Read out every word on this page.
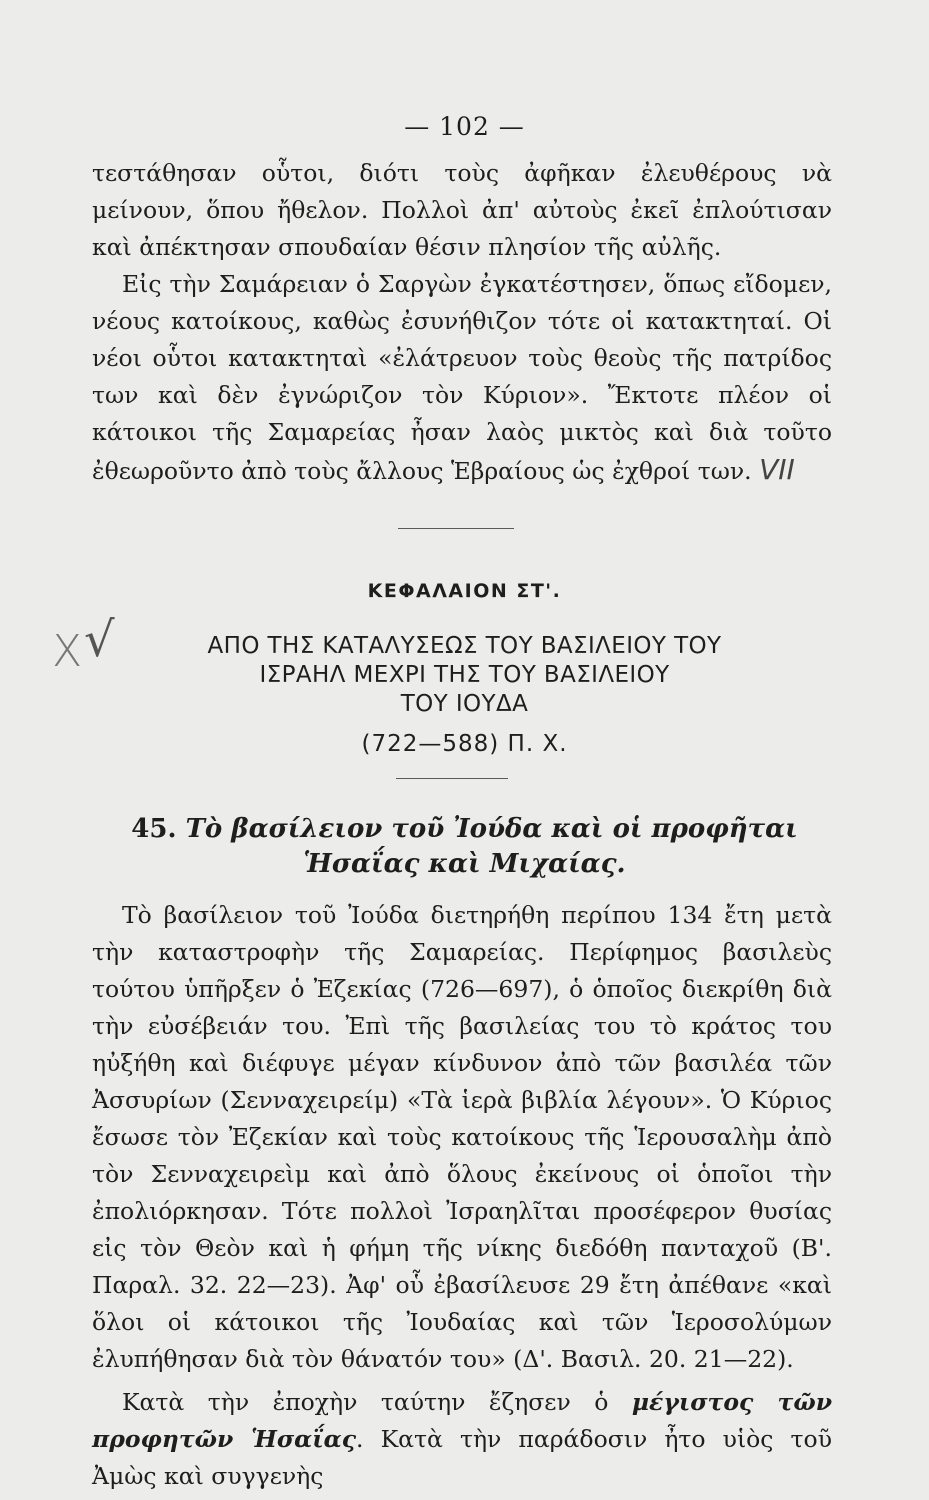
— 102 —

τεστάθησαν οὗτοι, διότι τοὺς ἀφῆκαν ἐλευθέρους νὰ μείνουν, ὅπου ἤθελον. Πολλοὶ ἀπ' αὐτοὺς ἐκεῖ ἐπλούτισαν καὶ ἀπέκτησαν σπουδαίαν θέσιν πλησίον τῆς αὐλῆς.

Εἰς τὴν Σαμάρειαν ὁ Σαργὼν ἐγκατέστησεν, ὅπως εἴδομεν, νέους κατοίκους, καθὼς ἐσυνήθιζον τότε οἱ κατακτηταί. Οἱ νέοι οὗτοι κατακτηταὶ «ἐλάτρευον τοὺς θεοὺς τῆς πατρίδος των καὶ δὲν ἐγνώριζον τὸν Κύριον». Ἔκτοτε πλέον οἱ κάτοικοι τῆς Σαμαρείας ἦσαν λαὸς μικτὸς καὶ διὰ τοῦτο ἐθεωροῦντο ἀπὸ τοὺς ἄλλους Ἑβραίους ὡς ἐχθροί των. VII

ΚΕΦΑΛΑΙΟΝ ΣΤ'.
X √	ΑΠΟ ΤΗΣ ΚΑΤΑΛΥΣΕΩΣ ΤΟΥ ΒΑΣΙΛΕΙΟΥ ΤΟΥ
ΙΣΡΑΗΛ ΜΕΧΡΙ ΤΗΣ ΤΟΥ ΒΑΣΙΛΕΙΟΥ
ΤΟΥ ΙΟΥΔΑ
(722—588) Π. Χ.
45. Τὸ βασίλειον τοῦ Ἰούδα καὶ οἱ προφῆται
Ἡσαΐας καὶ Μιχαίας.

Τὸ βασίλειον τοῦ Ἰούδα διετηρήθη περίπου 134 ἔτη μετὰ τὴν καταστροφὴν τῆς Σαμαρείας. Περίφημος βασιλεὺς τούτου ὑπῆρξεν ὁ Ἐζεκίας (726—697), ὁ ὁποῖος διεκρίθη διὰ τὴν εὐσέβειάν του. Ἐπὶ τῆς βασιλείας του τὸ κράτος του ηὐξήθη καὶ διέφυγε μέγαν κίνδυνον ἀπὸ τῶν βασιλέα τῶν Ἀσσυρίων (Σενναχειρείμ) «Τὰ ἱερὰ βιβλία λέγουν». Ὁ Κύριος ἔσωσε τὸν Ἐζεκίαν καὶ τοὺς κατοίκους τῆς Ἱερουσαλὴμ ἀπὸ τὸν Σενναχειρεὶμ καὶ ἀπὸ ὅλους ἐκείνους οἱ ὁποῖοι τὴν ἐπολιόρκησαν. Τότε πολλοὶ Ἰσραηλῖται προσέφερον θυσίας εἰς τὸν Θεὸν καὶ ἡ φήμη τῆς νίκης διεδόθη πανταχοῦ (Β'. Παραλ. 32. 22—23). Ἀφ' οὗ ἐβασίλευσε 29 ἔτη ἀπέθανε «καὶ ὅλοι οἱ κάτοικοι τῆς Ἰουδαίας καὶ τῶν Ἱεροσολύμων ἐλυπήθησαν διὰ τὸν θάνατόν του» (Δ'. Βασιλ. 20. 21—22).

Κατὰ τὴν ἐποχὴν ταύτην ἔζησεν ὁ μέγιστος τῶν προφητῶν Ἡσαΐας. Κατὰ τὴν παράδοσιν ἦτο υἱὸς τοῦ Ἀμὼς καὶ συγγενὴς
